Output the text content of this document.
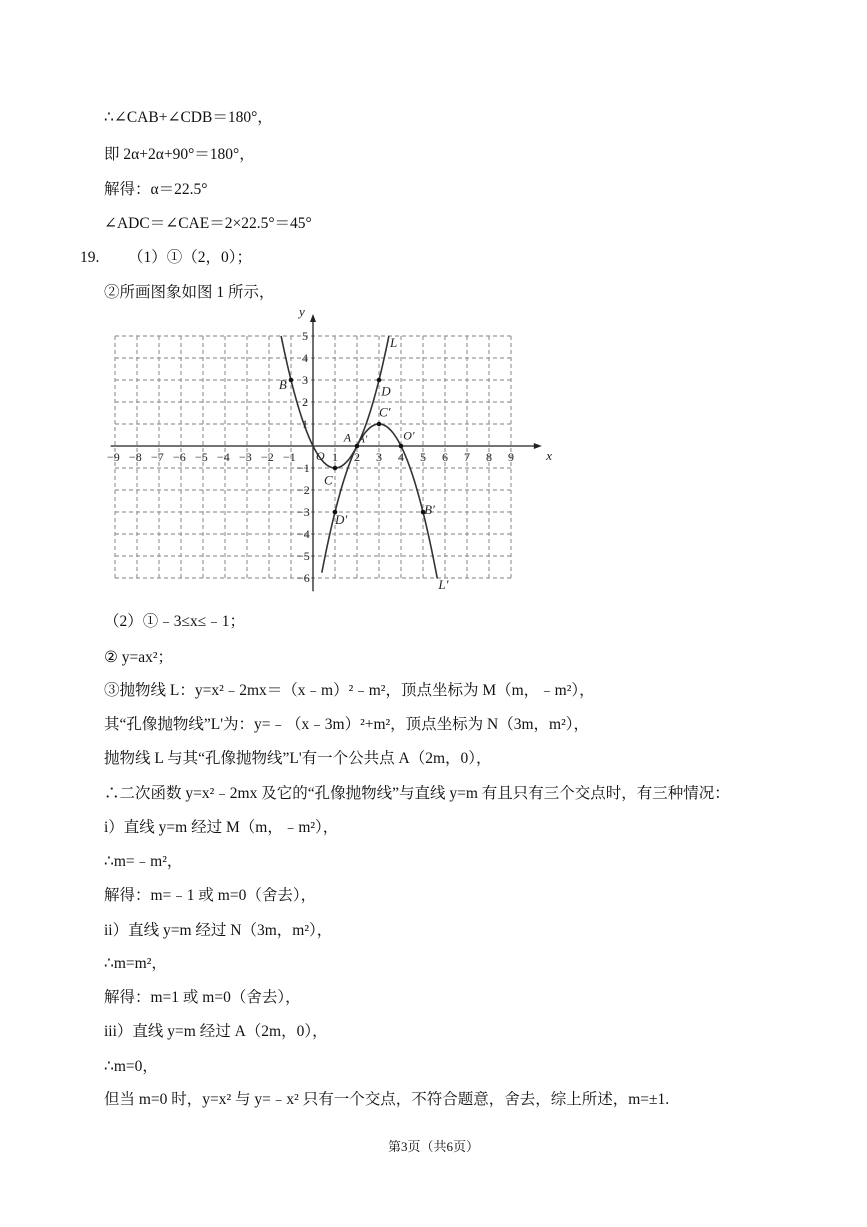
∴∠CAB+∠CDB＝180°，
即 2α+2α+90°＝180°，
解得：α＝22.5°
∠ADC＝∠CAE＝2×22.5°＝45°
19. （1）①（2，0）；
②所画图象如图 1 所示，
−9 −8 −7 −6 −5 −4 −3 −2 −1	1 2 3 4 5 6 7 8 9
5
4
3
2
1
−1
−2
−3
−4
−5
−6
x
y
O
L
B	D
C'
A A'	O'
C
D'
B'
L'
（2）①﹣3≤x≤﹣1；
② y=ax²；
③抛物线 L：y=x²﹣2mx＝（x﹣m）²﹣m²，顶点坐标为 M（m，﹣m²），
其“孔像抛物线”L'为：y=﹣（x﹣3m）²+m²，顶点坐标为 N（3m，m²），
抛物线 L 与其“孔像抛物线”L'有一个公共点 A（2m，0），
∴二次函数 y=x²﹣2mx 及它的“孔像抛物线”与直线 y=m 有且只有三个交点时，有三种情况：
i）直线 y=m 经过 M（m，﹣m²），
∴m=﹣m²，
解得：m=﹣1 或 m=0（舍去），
ii）直线 y=m 经过 N（3m，m²），
∴m=m²，
解得：m=1 或 m=0（舍去），
iii）直线 y=m 经过 A（2m，0），
∴m=0，
但当 m=0 时，y=x² 与 y=﹣x² 只有一个交点，不符合题意，舍去，综上所述，m=±1.
第3页（共6页）
